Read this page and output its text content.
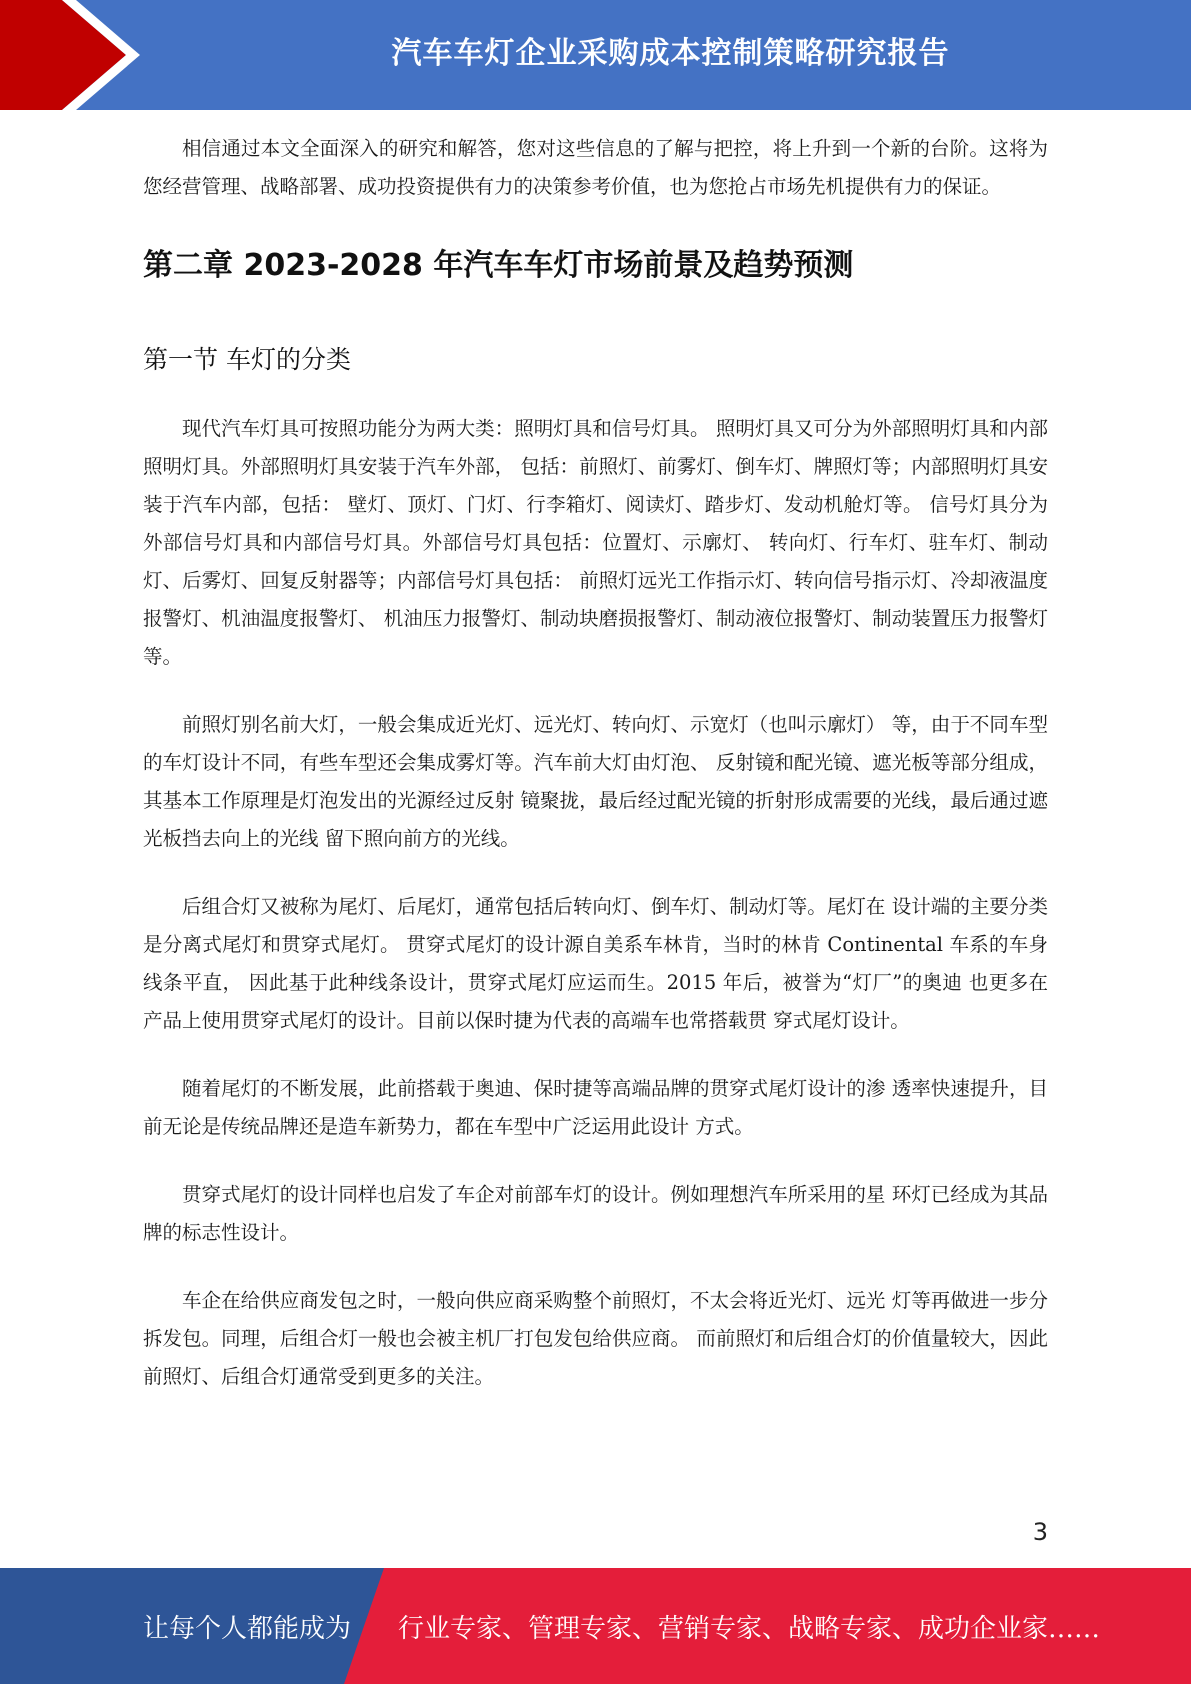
汽车车灯企业采购成本控制策略研究报告

相信通过本文全面深入的研究和解答，您对这些信息的了解与把控，将上升到一个新的台阶。这将为您经营管理、战略部署、成功投资提供有力的决策参考价值，也为您抢占市场先机提供有力的保证。

第二章 2023-2028 年汽车车灯市场前景及趋势预测
第一节 车灯的分类

现代汽车灯具可按照功能分为两大类：照明灯具和信号灯具。 照明灯具又可分为外部照明灯具和内部照明灯具。外部照明灯具安装于汽车外部， 包括：前照灯、前雾灯、倒车灯、牌照灯等；内部照明灯具安装于汽车内部，包括： 壁灯、顶灯、门灯、行李箱灯、阅读灯、踏步灯、发动机舱灯等。 信号灯具分为外部信号灯具和内部信号灯具。外部信号灯具包括：位置灯、示廓灯、 转向灯、行车灯、驻车灯、制动灯、后雾灯、回复反射器等；内部信号灯具包括： 前照灯远光工作指示灯、转向信号指示灯、冷却液温度报警灯、机油温度报警灯、 机油压力报警灯、制动块磨损报警灯、制动液位报警灯、制动装置压力报警灯等。

前照灯别名前大灯，一般会集成近光灯、远光灯、转向灯、示宽灯（也叫示廓灯） 等，由于不同车型的车灯设计不同，有些车型还会集成雾灯等。汽车前大灯由灯泡、 反射镜和配光镜、遮光板等部分组成，其基本工作原理是灯泡发出的光源经过反射 镜聚拢，最后经过配光镜的折射形成需要的光线，最后通过遮光板挡去向上的光线 留下照向前方的光线。

后组合灯又被称为尾灯、后尾灯，通常包括后转向灯、倒车灯、制动灯等。尾灯在 设计端的主要分类是分离式尾灯和贯穿式尾灯。 贯穿式尾灯的设计源自美系车林肯，当时的林肯 Continental 车系的车身线条平直， 因此基于此种线条设计，贯穿式尾灯应运而生。2015 年后，被誉为“灯厂”的奥迪 也更多在产品上使用贯穿式尾灯的设计。目前以保时捷为代表的高端车也常搭载贯 穿式尾灯设计。

随着尾灯的不断发展，此前搭载于奥迪、保时捷等高端品牌的贯穿式尾灯设计的渗 透率快速提升，目前无论是传统品牌还是造车新势力，都在车型中广泛运用此设计 方式。

贯穿式尾灯的设计同样也启发了车企对前部车灯的设计。例如理想汽车所采用的星 环灯已经成为其品牌的标志性设计。

车企在给供应商发包之时，一般向供应商采购整个前照灯，不太会将近光灯、远光 灯等再做进一步分拆发包。同理，后组合灯一般也会被主机厂打包发包给供应商。 而前照灯和后组合灯的价值量较大，因此前照灯、后组合灯通常受到更多的关注。

3
让每个人都能成为 行业专家、管理专家、营销专家、战略专家、成功企业家……
